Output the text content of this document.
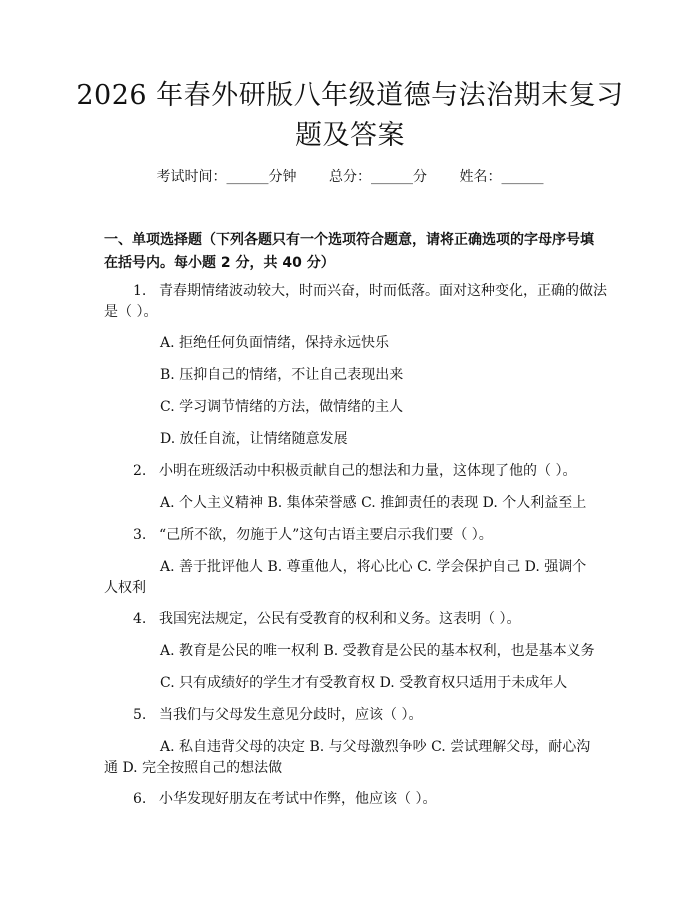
2026 年春外研版八年级道德与法治期末复习
题及答案
考试时间：______分钟 总分：______分 姓名：______
一、单项选择题（下列各题只有一个选项符合题意，请将正确选项的字母序号填
在括号内。每小题 2 分，共 40 分）
1. 青春期情绪波动较大，时而兴奋，时而低落。面对这种变化，正确的做法
是（ ）。
A. 拒绝任何负面情绪，保持永远快乐
B. 压抑自己的情绪，不让自己表现出来
C. 学习调节情绪的方法，做情绪的主人
D. 放任自流，让情绪随意发展
2. 小明在班级活动中积极贡献自己的想法和力量，这体现了他的（ ）。
A. 个人主义精神 B. 集体荣誉感 C. 推卸责任的表现 D. 个人利益至上
3. “己所不欲，勿施于人”这句古语主要启示我们要（ ）。
A. 善于批评他人 B. 尊重他人，将心比心 C. 学会保护自己 D. 强调个
人权利
4. 我国宪法规定，公民有受教育的权利和义务。这表明（ ）。
A. 教育是公民的唯一权利 B. 受教育是公民的基本权利，也是基本义务
C. 只有成绩好的学生才有受教育权 D. 受教育权只适用于未成年人
5. 当我们与父母发生意见分歧时，应该（ ）。
A. 私自违背父母的决定 B. 与父母激烈争吵 C. 尝试理解父母，耐心沟
通 D. 完全按照自己的想法做
6. 小华发现好朋友在考试中作弊，他应该（ ）。
